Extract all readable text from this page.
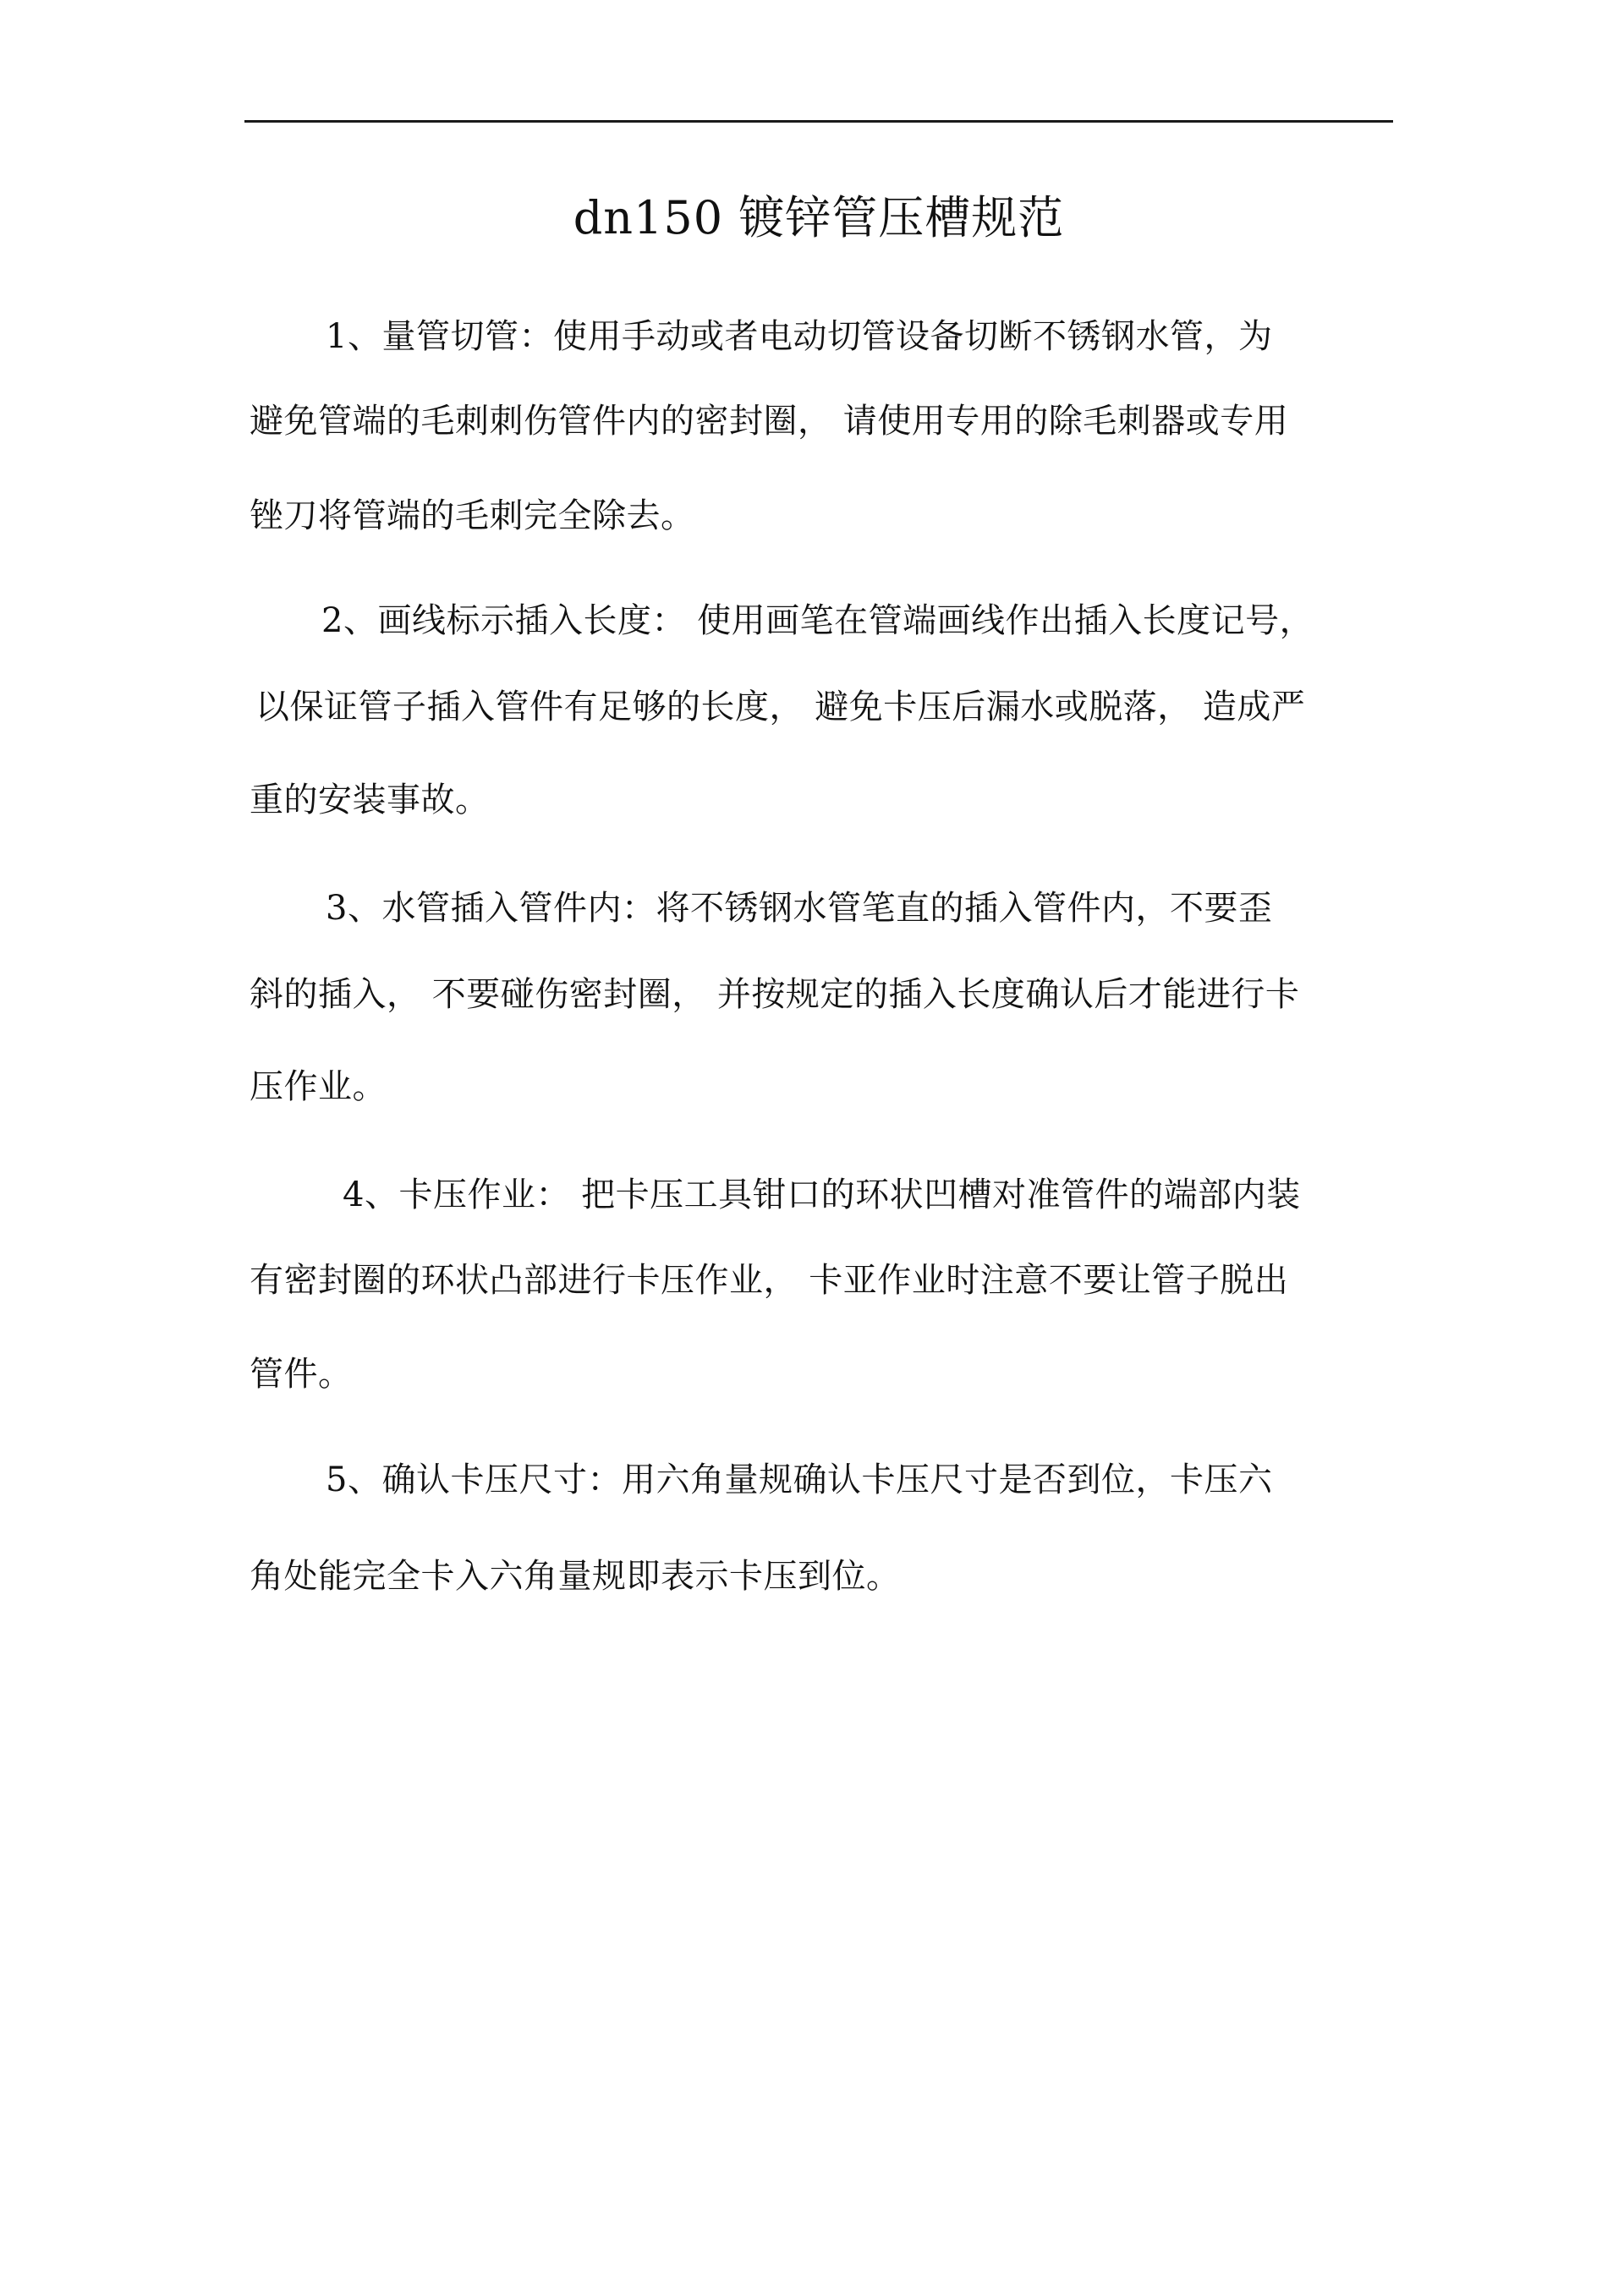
dn150 镀锌管压槽规范
1、量管切管：使用手动或者电动切管设备切断不锈钢水管，为
避免管端的毛刺刺伤管件内的密封圈， 请使用专用的除毛刺器或专用
锉刀将管端的毛刺完全除去。
2、画线标示插入长度： 使用画笔在管端画线作出插入长度记号，
以保证管子插入管件有足够的长度， 避免卡压后漏水或脱落， 造成严
重的安装事故。
3、水管插入管件内：将不锈钢水管笔直的插入管件内，不要歪
斜的插入， 不要碰伤密封圈， 并按规定的插入长度确认后才能进行卡
压作业。
4、卡压作业： 把卡压工具钳口的环状凹槽对准管件的端部内装
有密封圈的环状凸部进行卡压作业， 卡亚作业时注意不要让管子脱出
管件。
5、确认卡压尺寸：用六角量规确认卡压尺寸是否到位，卡压六
角处能完全卡入六角量规即表示卡压到位。
